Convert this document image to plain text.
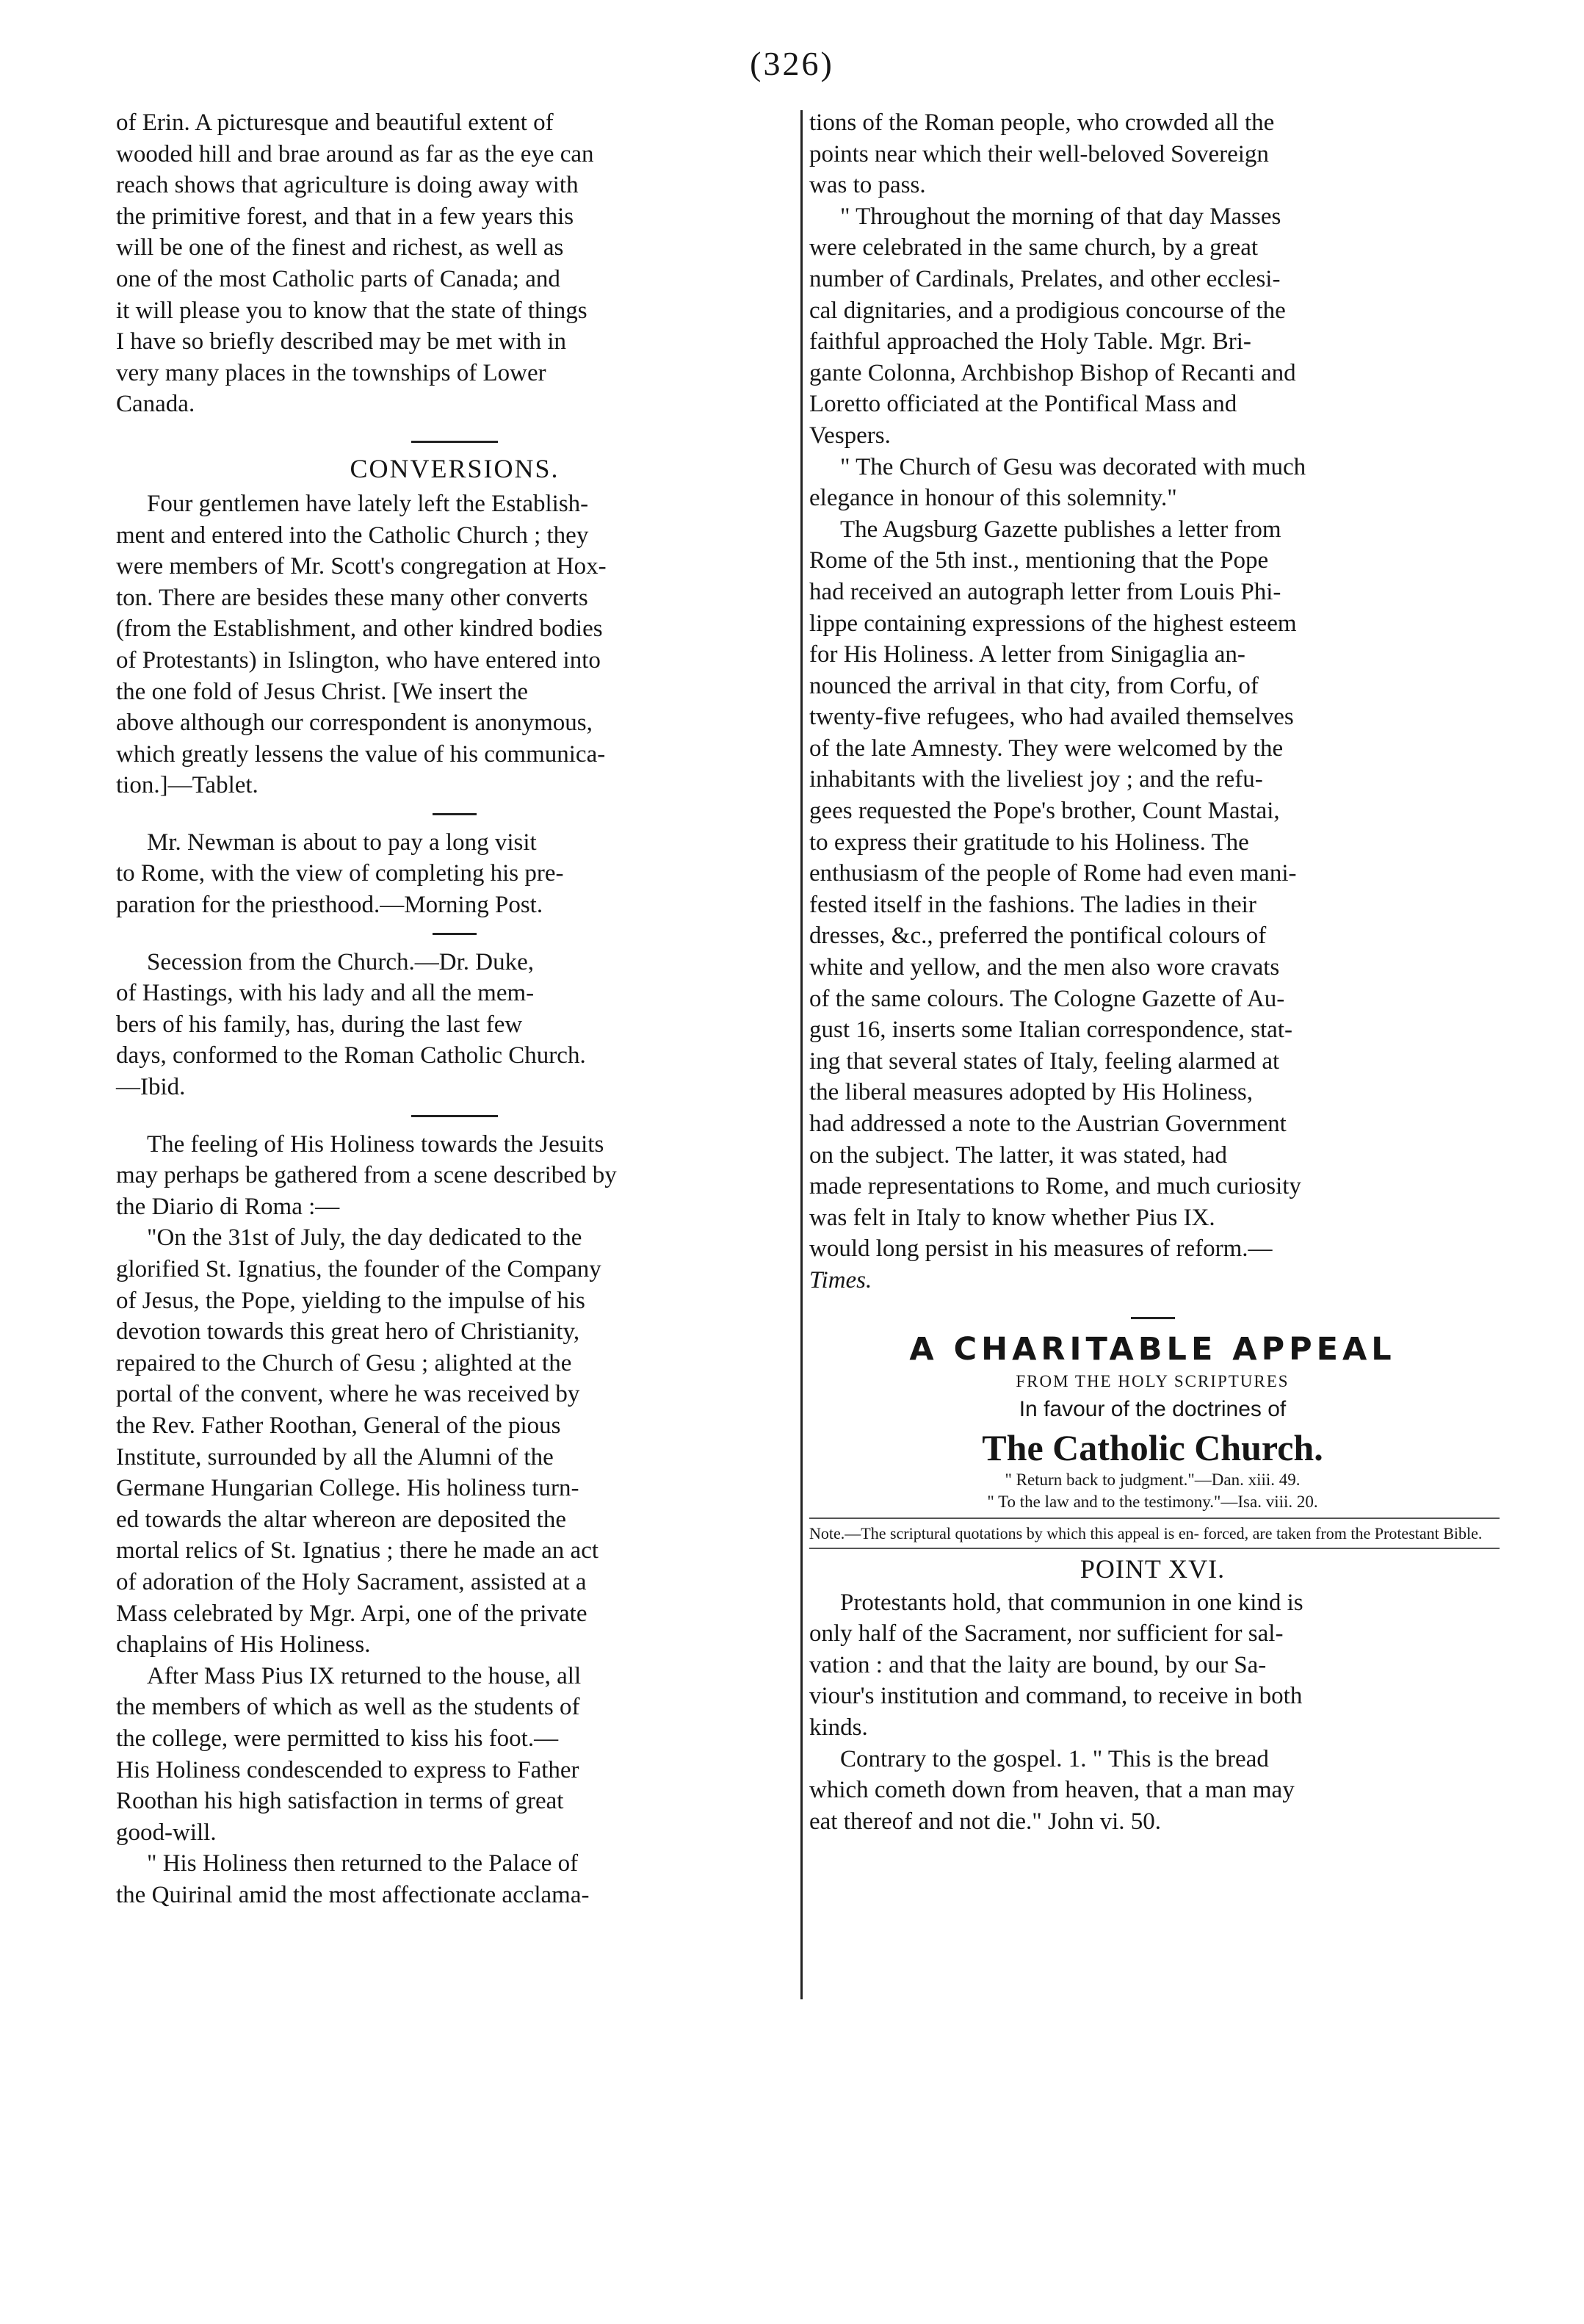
(326)

of Erin. A picturesque and beautiful extent of
wooded hill and brae around as far as the eye can
reach shows that agriculture is doing away with
the primitive forest, and that in a few years this
will be one of the finest and richest, as well as
one of the most Catholic parts of Canada; and
it will please you to know that the state of things
I have so briefly described may be met with in
very many places in the townships of Lower
Canada.

CONVERSIONS.

Four gentlemen have lately left the Establish-
ment and entered into the Catholic Church ; they
were members of Mr. Scott's congregation at Hox-
ton. There are besides these many other converts
(from the Establishment, and other kindred bodies
of Protestants) in Islington, who have entered into
the one fold of Jesus Christ. [We insert the
above although our correspondent is anonymous,
which greatly lessens the value of his communica-
tion.]—Tablet.

Mr. Newman is about to pay a long visit
to Rome, with the view of completing his pre-
paration for the priesthood.—Morning Post.

Secession from the Church.—Dr. Duke,
of Hastings, with his lady and all the mem-
bers of his family, has, during the last few
days, conformed to the Roman Catholic Church.
—Ibid.

The feeling of His Holiness towards the Jesuits
may perhaps be gathered from a scene described by
the Diario di Roma :—

"On the 31st of July, the day dedicated to the
glorified St. Ignatius, the founder of the Company
of Jesus, the Pope, yielding to the impulse of his
devotion towards this great hero of Christianity,
repaired to the Church of Gesu ; alighted at the
portal of the convent, where he was received by
the Rev. Father Roothan, General of the pious
Institute, surrounded by all the Alumni of the
Germane Hungarian College. His holiness turn-
ed towards the altar whereon are deposited the
mortal relics of St. Ignatius ; there he made an act
of adoration of the Holy Sacrament, assisted at a
Mass celebrated by Mgr. Arpi, one of the private
chaplains of His Holiness.

After Mass Pius IX returned to the house, all
the members of which as well as the students of
the college, were permitted to kiss his foot.—
His Holiness condescended to express to Father
Roothan his high satisfaction in terms of great
good-will.

" His Holiness then returned to the Palace of
the Quirinal amid the most affectionate acclama-

tions of the Roman people, who crowded all the
points near which their well-beloved Sovereign
was to pass.

" Throughout the morning of that day Masses
were celebrated in the same church, by a great
number of Cardinals, Prelates, and other ecclesi-
cal dignitaries, and a prodigious concourse of the
faithful approached the Holy Table. Mgr. Bri-
gante Colonna, Archbishop Bishop of Recanti and
Loretto officiated at the Pontifical Mass and
Vespers.

" The Church of Gesu was decorated with much
elegance in honour of this solemnity."

The Augsburg Gazette publishes a letter from
Rome of the 5th inst., mentioning that the Pope
had received an autograph letter from Louis Phi-
lippe containing expressions of the highest esteem
for His Holiness. A letter from Sinigaglia an-
nounced the arrival in that city, from Corfu, of
twenty-five refugees, who had availed themselves
of the late Amnesty. They were welcomed by the
inhabitants with the liveliest joy ; and the refu-
gees requested the Pope's brother, Count Mastai,
to express their gratitude to his Holiness. The
enthusiasm of the people of Rome had even mani-
fested itself in the fashions. The ladies in their
dresses, &c., preferred the pontifical colours of
white and yellow, and the men also wore cravats
of the same colours. The Cologne Gazette of Au-
gust 16, inserts some Italian correspondence, stat-
ing that several states of Italy, feeling alarmed at
the liberal measures adopted by His Holiness,
had addressed a note to the Austrian Government
on the subject. The latter, it was stated, had
made representations to Rome, and much curiosity
was felt in Italy to know whether Pius IX.
would long persist in his measures of reform.—
Times.

A CHARITABLE APPEAL
FROM THE HOLY SCRIPTURES
In favour of the doctrines of
The Catholic Church.
" Return back to judgment."—Dan. xiii. 49.
" To the law and to the testimony."—Isa. viii. 20.
Note.—The scriptural quotations by which this appeal is en- forced, are taken from the Protestant Bible.
POINT XVI.

Protestants hold, that communion in one kind is
only half of the Sacrament, nor sufficient for sal-
vation : and that the laity are bound, by our Sa-
viour's institution and command, to receive in both
kinds.

Contrary to the gospel. 1. " This is the bread
which cometh down from heaven, that a man may
eat thereof and not die." John vi. 50.
